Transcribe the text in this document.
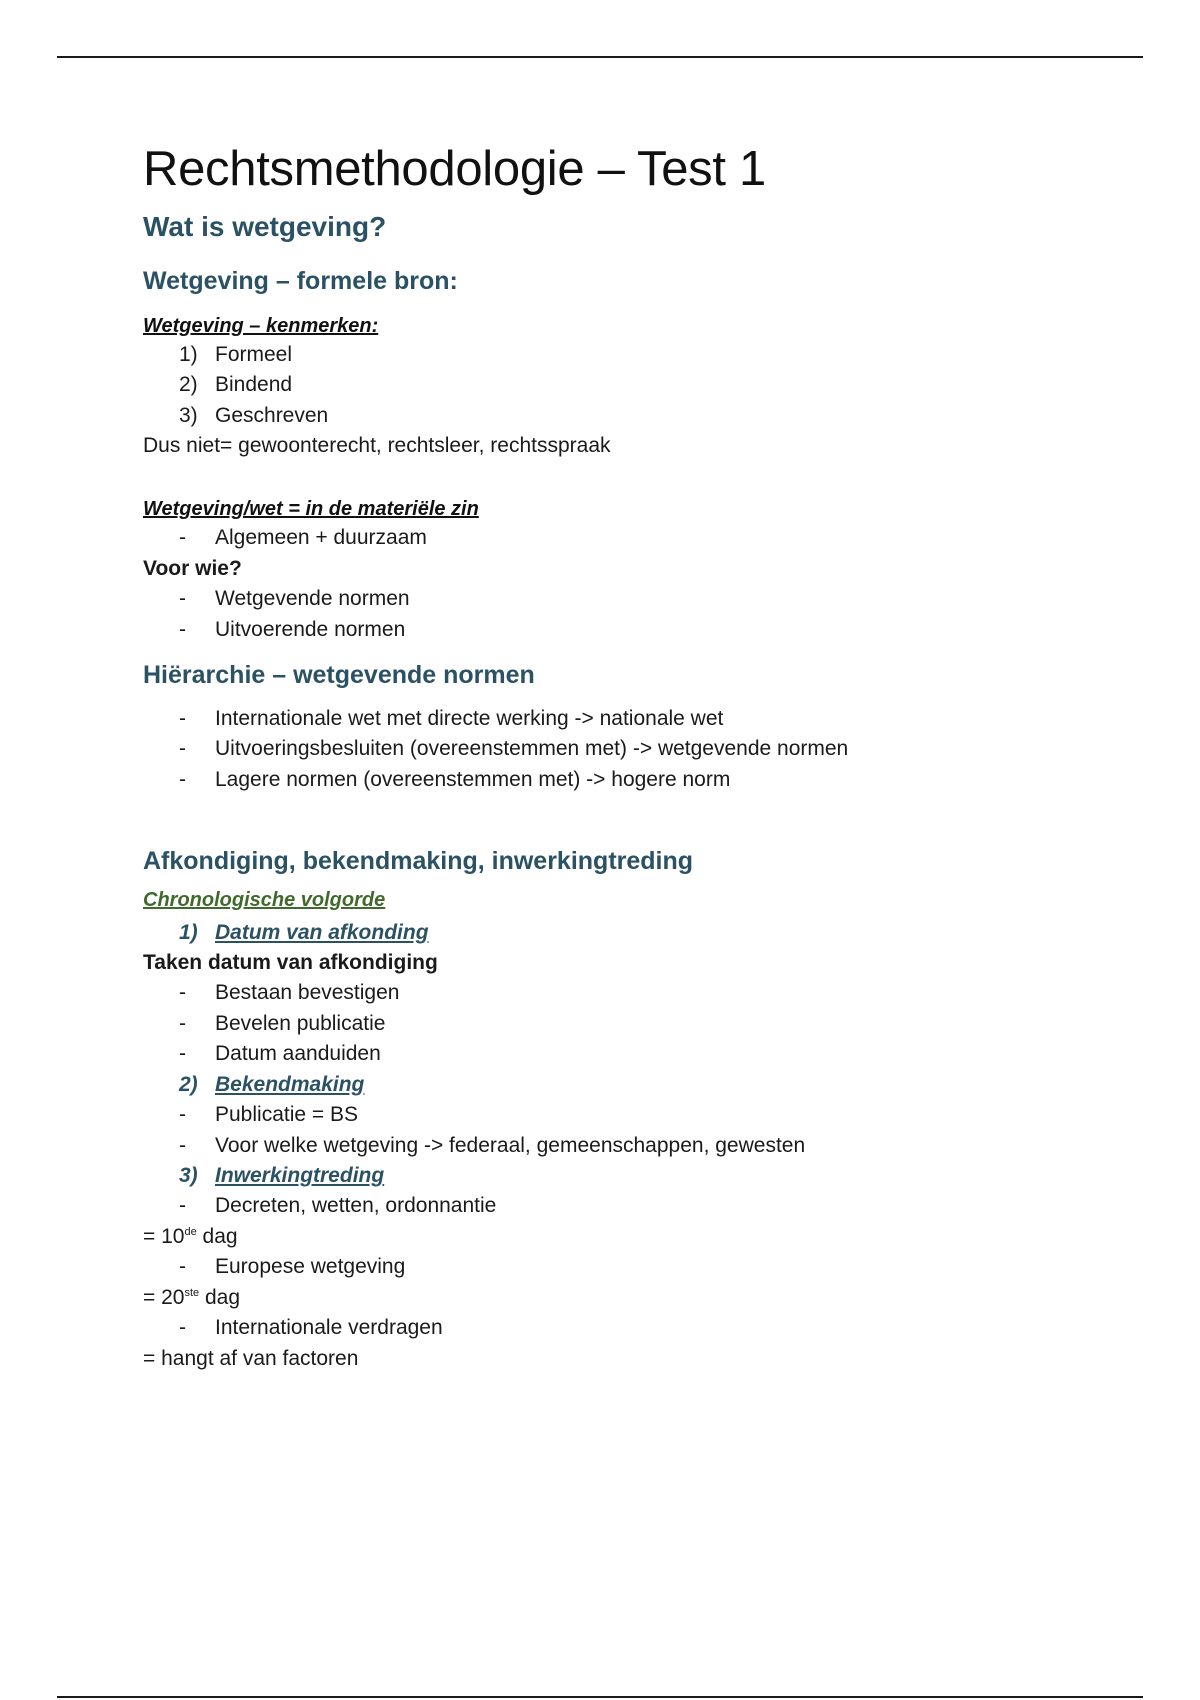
Rechtsmethodologie – Test 1
Wat is wetgeving?
Wetgeving – formele bron:
Wetgeving – kenmerken:
1) Formeel
2) Bindend
3) Geschreven
Dus niet= gewoonterecht, rechtsleer, rechtsspraak
Wetgeving/wet = in de materiële zin
-	Algemeen + duurzaam
Voor wie?
-	Wetgevende normen
-	Uitvoerende normen
Hiërarchie – wetgevende normen
-	Internationale wet met directe werking -> nationale wet
-	Uitvoeringsbesluiten (overeenstemmen met) -> wetgevende normen
-	Lagere normen (overeenstemmen met) -> hogere norm
Afkondiging, bekendmaking, inwerkingtreding
Chronologische volgorde
1) Datum van afkonding
Taken datum van afkondiging
-	Bestaan bevestigen
-	Bevelen publicatie
-	Datum aanduiden
2) Bekendmaking
-	Publicatie = BS
-	Voor welke wetgeving -> federaal, gemeenschappen, gewesten
3) Inwerkingtreding
-	Decreten, wetten, ordonnantie
= 10de dag
-	Europese wetgeving
= 20ste dag
-	Internationale verdragen
= hangt af van factoren
